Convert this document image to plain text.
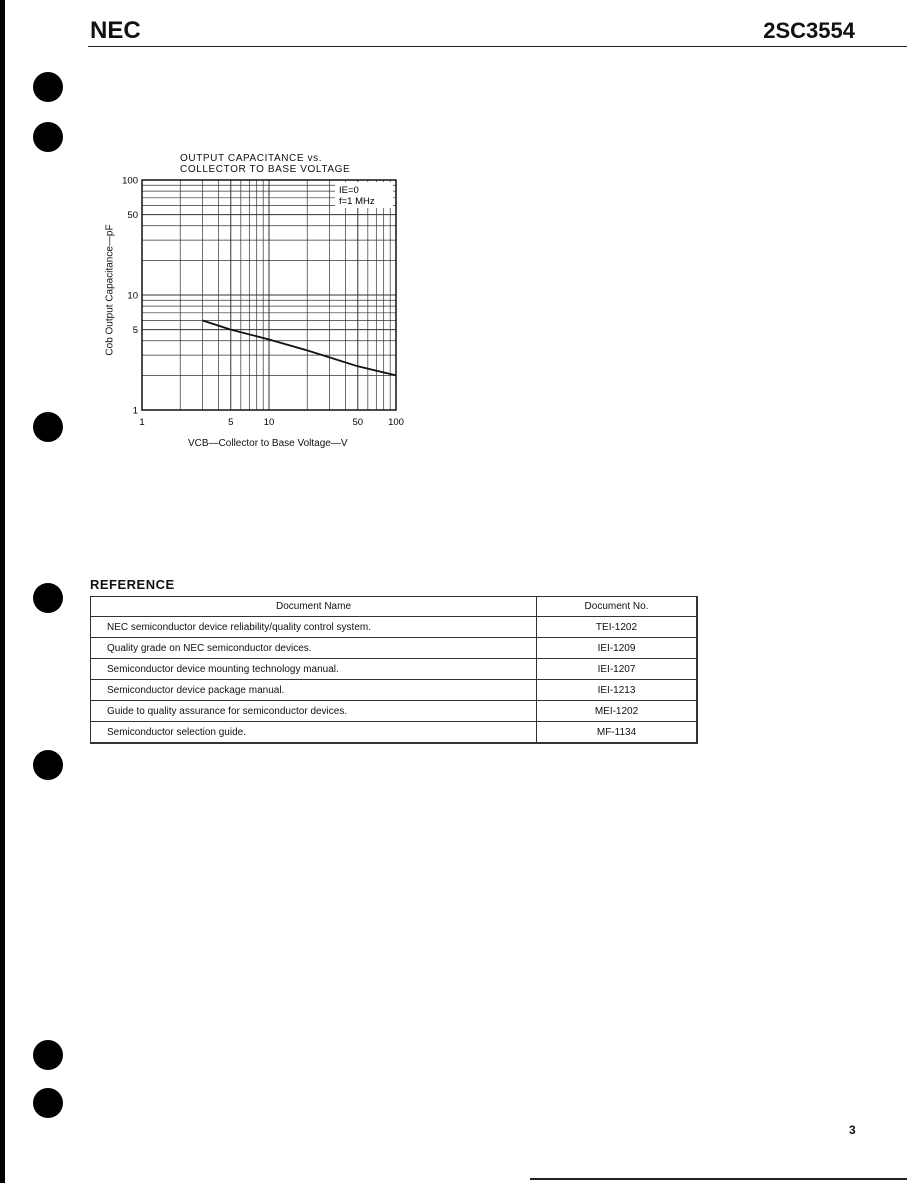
NEC	2SC3554
OUTPUT CAPACITANCE vs.
COLLECTOR TO BASE VOLTAGE
1	5	10	50	100
1
5
10
50
100
IE=0
f=1 MHz
Cob Output Capacitance—pF
VCB—Collector to Base Voltage—V
REFERENCE
Document Name	Document No.
NEC semiconductor device reliability/quality control system.	TEI-1202
Quality grade on NEC semiconductor devices.	IEI-1209
Semiconductor device mounting technology manual.	IEI-1207
Semiconductor device package manual.	IEI-1213
Guide to quality assurance for semiconductor devices.	MEI-1202
Semiconductor selection guide.	MF-1134
3
